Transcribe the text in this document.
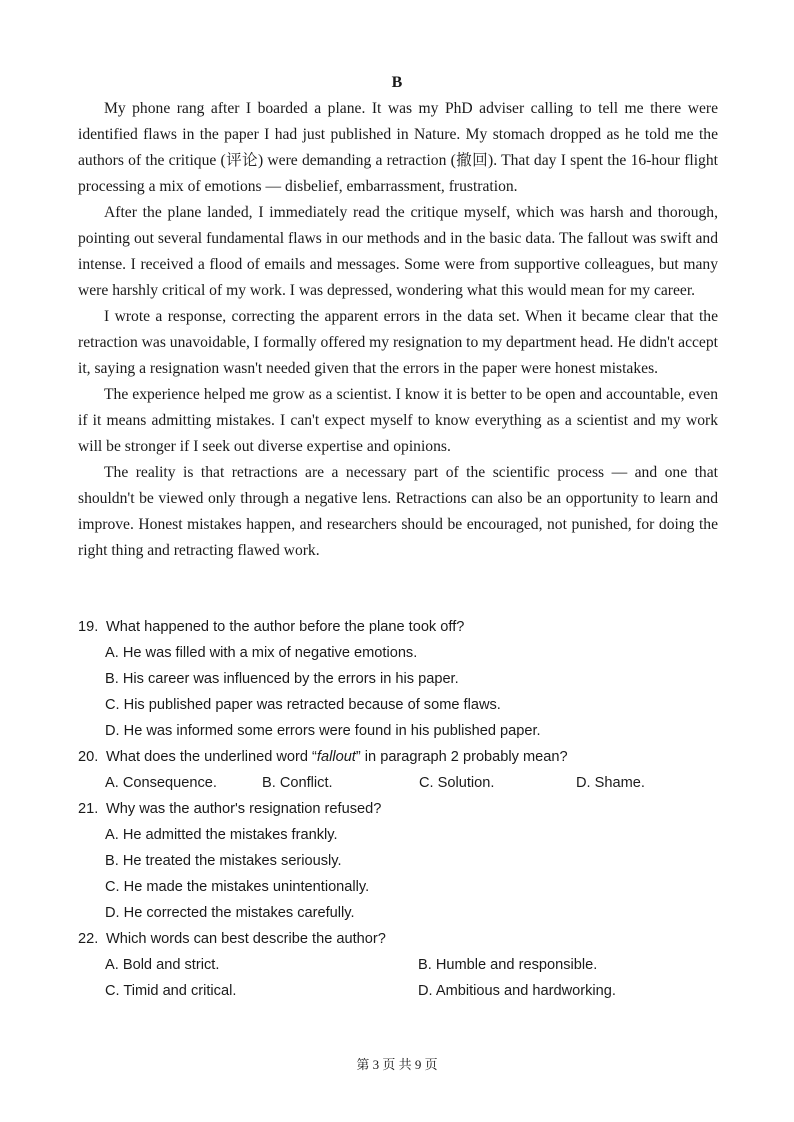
B

My phone rang after I boarded a plane. It was my PhD adviser calling to tell me there were identified flaws in the paper I had just published in Nature. My stomach dropped as he told me the authors of the critique (评论) were demanding a retraction (撤回). That day I spent the 16-hour flight processing a mix of emotions — disbelief, embarrassment, frustration.

After the plane landed, I immediately read the critique myself, which was harsh and thorough, pointing out several fundamental flaws in our methods and in the basic data. The fallout was swift and intense. I received a flood of emails and messages. Some were from supportive colleagues, but many were harshly critical of my work. I was depressed, wondering what this would mean for my career.

I wrote a response, correcting the apparent errors in the data set. When it became clear that the retraction was unavoidable, I formally offered my resignation to my department head. He didn't accept it, saying a resignation wasn't needed given that the errors in the paper were honest mistakes.

The experience helped me grow as a scientist. I know it is better to be open and accountable, even if it means admitting mistakes. I can't expect myself to know everything as a scientist and my work will be stronger if I seek out diverse expertise and opinions.

The reality is that retractions are a necessary part of the scientific process — and one that shouldn't be viewed only through a negative lens. Retractions can also be an opportunity to learn and improve. Honest mistakes happen, and researchers should be encouraged, not punished, for doing the right thing and retracting flawed work.

19. What happened to the author before the plane took off?
A. He was filled with a mix of negative emotions.
B. His career was influenced by the errors in his paper.
C. His published paper was retracted because of some flaws.
D. He was informed some errors were found in his published paper.
20. What does the underlined word “fallout” in paragraph 2 probably mean?
A. Consequence.	B. Conflict.	C. Solution.	D. Shame.
21. Why was the author's resignation refused?
A. He admitted the mistakes frankly.
B. He treated the mistakes seriously.
C. He made the mistakes unintentionally.
D. He corrected the mistakes carefully.
22. Which words can best describe the author?
A. Bold and strict.	B. Humble and responsible.
C. Timid and critical.	D. Ambitious and hardworking.
第 3 页 共 9 页
